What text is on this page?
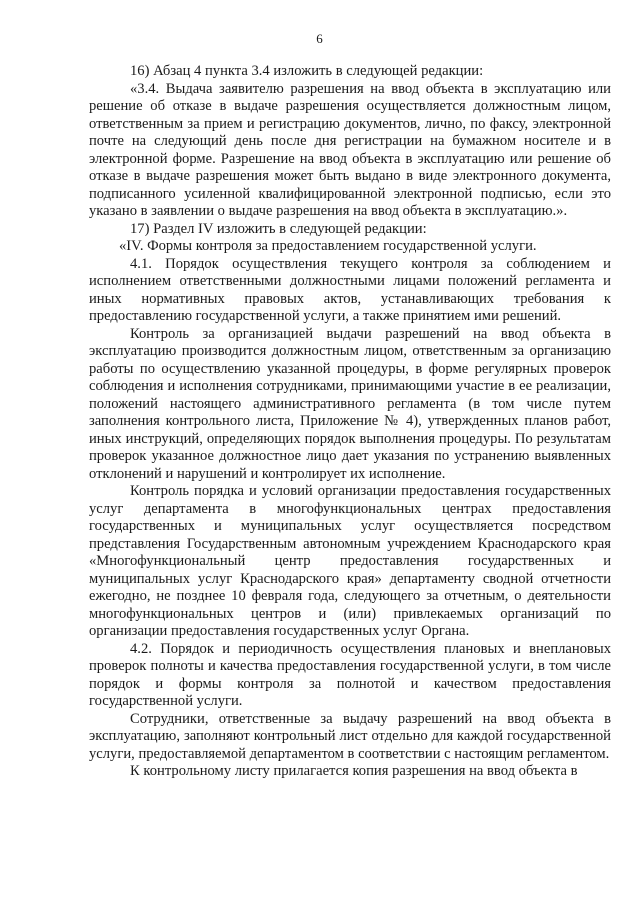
6

16) Абзац 4 пункта 3.4 изложить в следующей редакции:

«3.4. Выдача заявителю разрешения на ввод объекта в эксплуатацию или решение об отказе в выдаче разрешения осуществляется должностным лицом, ответственным за прием и регистрацию документов, лично, по факсу, электронной почте на следующий день после дня регистрации на бумажном носителе и в электронной форме. Разрешение на ввод объекта в эксплуатацию или решение об отказе в выдаче разрешения может быть выдано в виде электронного документа, подписанного усиленной квалифицированной электронной подписью, если это указано в заявлении о выдаче разрешения на ввод объекта в эксплуатацию.».

17) Раздел IV изложить в следующей редакции:

«IV. Формы контроля за предоставлением государственной услуги.

4.1. Порядок осуществления текущего контроля за соблюдением и исполнением ответственными должностными лицами положений регламента и иных нормативных правовых актов, устанавливающих требования к предоставлению государственной услуги, а также принятием ими решений.

Контроль за организацией выдачи разрешений на ввод объекта в эксплуатацию производится должностным лицом, ответственным за организацию работы по осуществлению указанной процедуры, в форме регулярных проверок соблюдения и исполнения сотрудниками, принимающими участие в ее реализации, положений настоящего административного регламента (в том числе путем заполнения контрольного листа, Приложение № 4), утвержденных планов работ, иных инструкций, определяющих порядок выполнения процедуры. По результатам проверок указанное должностное лицо дает указания по устранению выявленных отклонений и нарушений и контролирует их исполнение.

Контроль порядка и условий организации предоставления государственных услуг департамента в многофункциональных центрах предоставления государственных и муниципальных услуг осуществляется посредством представления Государственным автономным учреждением Краснодарского края «Многофункциональный центр предоставления государственных и муниципальных услуг Краснодарского края» департаменту сводной отчетности ежегодно, не позднее 10 февраля года, следующего за отчетным, о деятельности многофункциональных центров и (или) привлекаемых организаций по организации предоставления государственных услуг Органа.

4.2. Порядок и периодичность осуществления плановых и внеплановых проверок полноты и качества предоставления государственной услуги, в том числе порядок и формы контроля за полнотой и качеством предоставления государственной услуги.

Сотрудники, ответственные за выдачу разрешений на ввод объекта в эксплуатацию, заполняют контрольный лист отдельно для каждой государственной услуги, предоставляемой департаментом в соответствии с настоящим регламентом.

К контрольному листу прилагается копия разрешения на ввод объекта в
